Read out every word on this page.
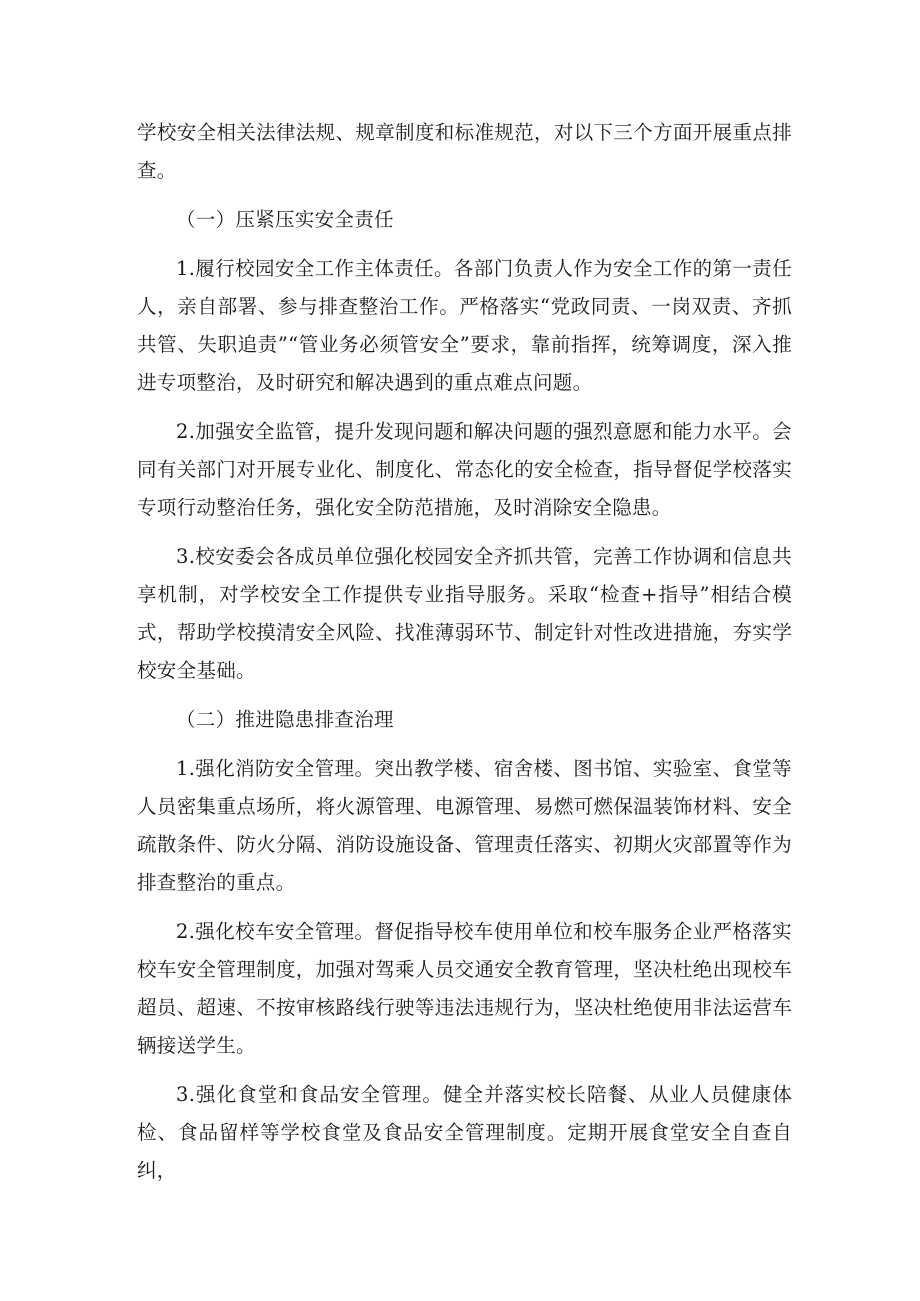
学校安全相关法律法规、规章制度和标准规范，对以下三个方面开展重点排查。

（一）压紧压实安全责任

1.履行校园安全工作主体责任。各部门负责人作为安全工作的第一责任人，亲自部署、参与排查整治工作。严格落实“党政同责、一岗双责、齐抓共管、失职追责”“管业务必须管安全”要求，靠前指挥，统筹调度，深入推进专项整治，及时研究和解决遇到的重点难点问题。

2.加强安全监管，提升发现问题和解决问题的强烈意愿和能力水平。会同有关部门对开展专业化、制度化、常态化的安全检查，指导督促学校落实专项行动整治任务，强化安全防范措施，及时消除安全隐患。

3.校安委会各成员单位强化校园安全齐抓共管，完善工作协调和信息共享机制，对学校安全工作提供专业指导服务。采取“检查+指导”相结合模式，帮助学校摸清安全风险、找准薄弱环节、制定针对性改进措施，夯实学校安全基础。

（二）推进隐患排查治理

1.强化消防安全管理。突出教学楼、宿舍楼、图书馆、实验室、食堂等人员密集重点场所，将火源管理、电源管理、易燃可燃保温装饰材料、安全疏散条件、防火分隔、消防设施设备、管理责任落实、初期火灾部置等作为排查整治的重点。

2.强化校车安全管理。督促指导校车使用单位和校车服务企业严格落实校车安全管理制度，加强对驾乘人员交通安全教育管理，坚决杜绝出现校车超员、超速、不按审核路线行驶等违法违规行为，坚决杜绝使用非法运营车辆接送学生。

3.强化食堂和食品安全管理。健全并落实校长陪餐、从业人员健康体检、食品留样等学校食堂及食品安全管理制度。定期开展食堂安全自查自纠，
